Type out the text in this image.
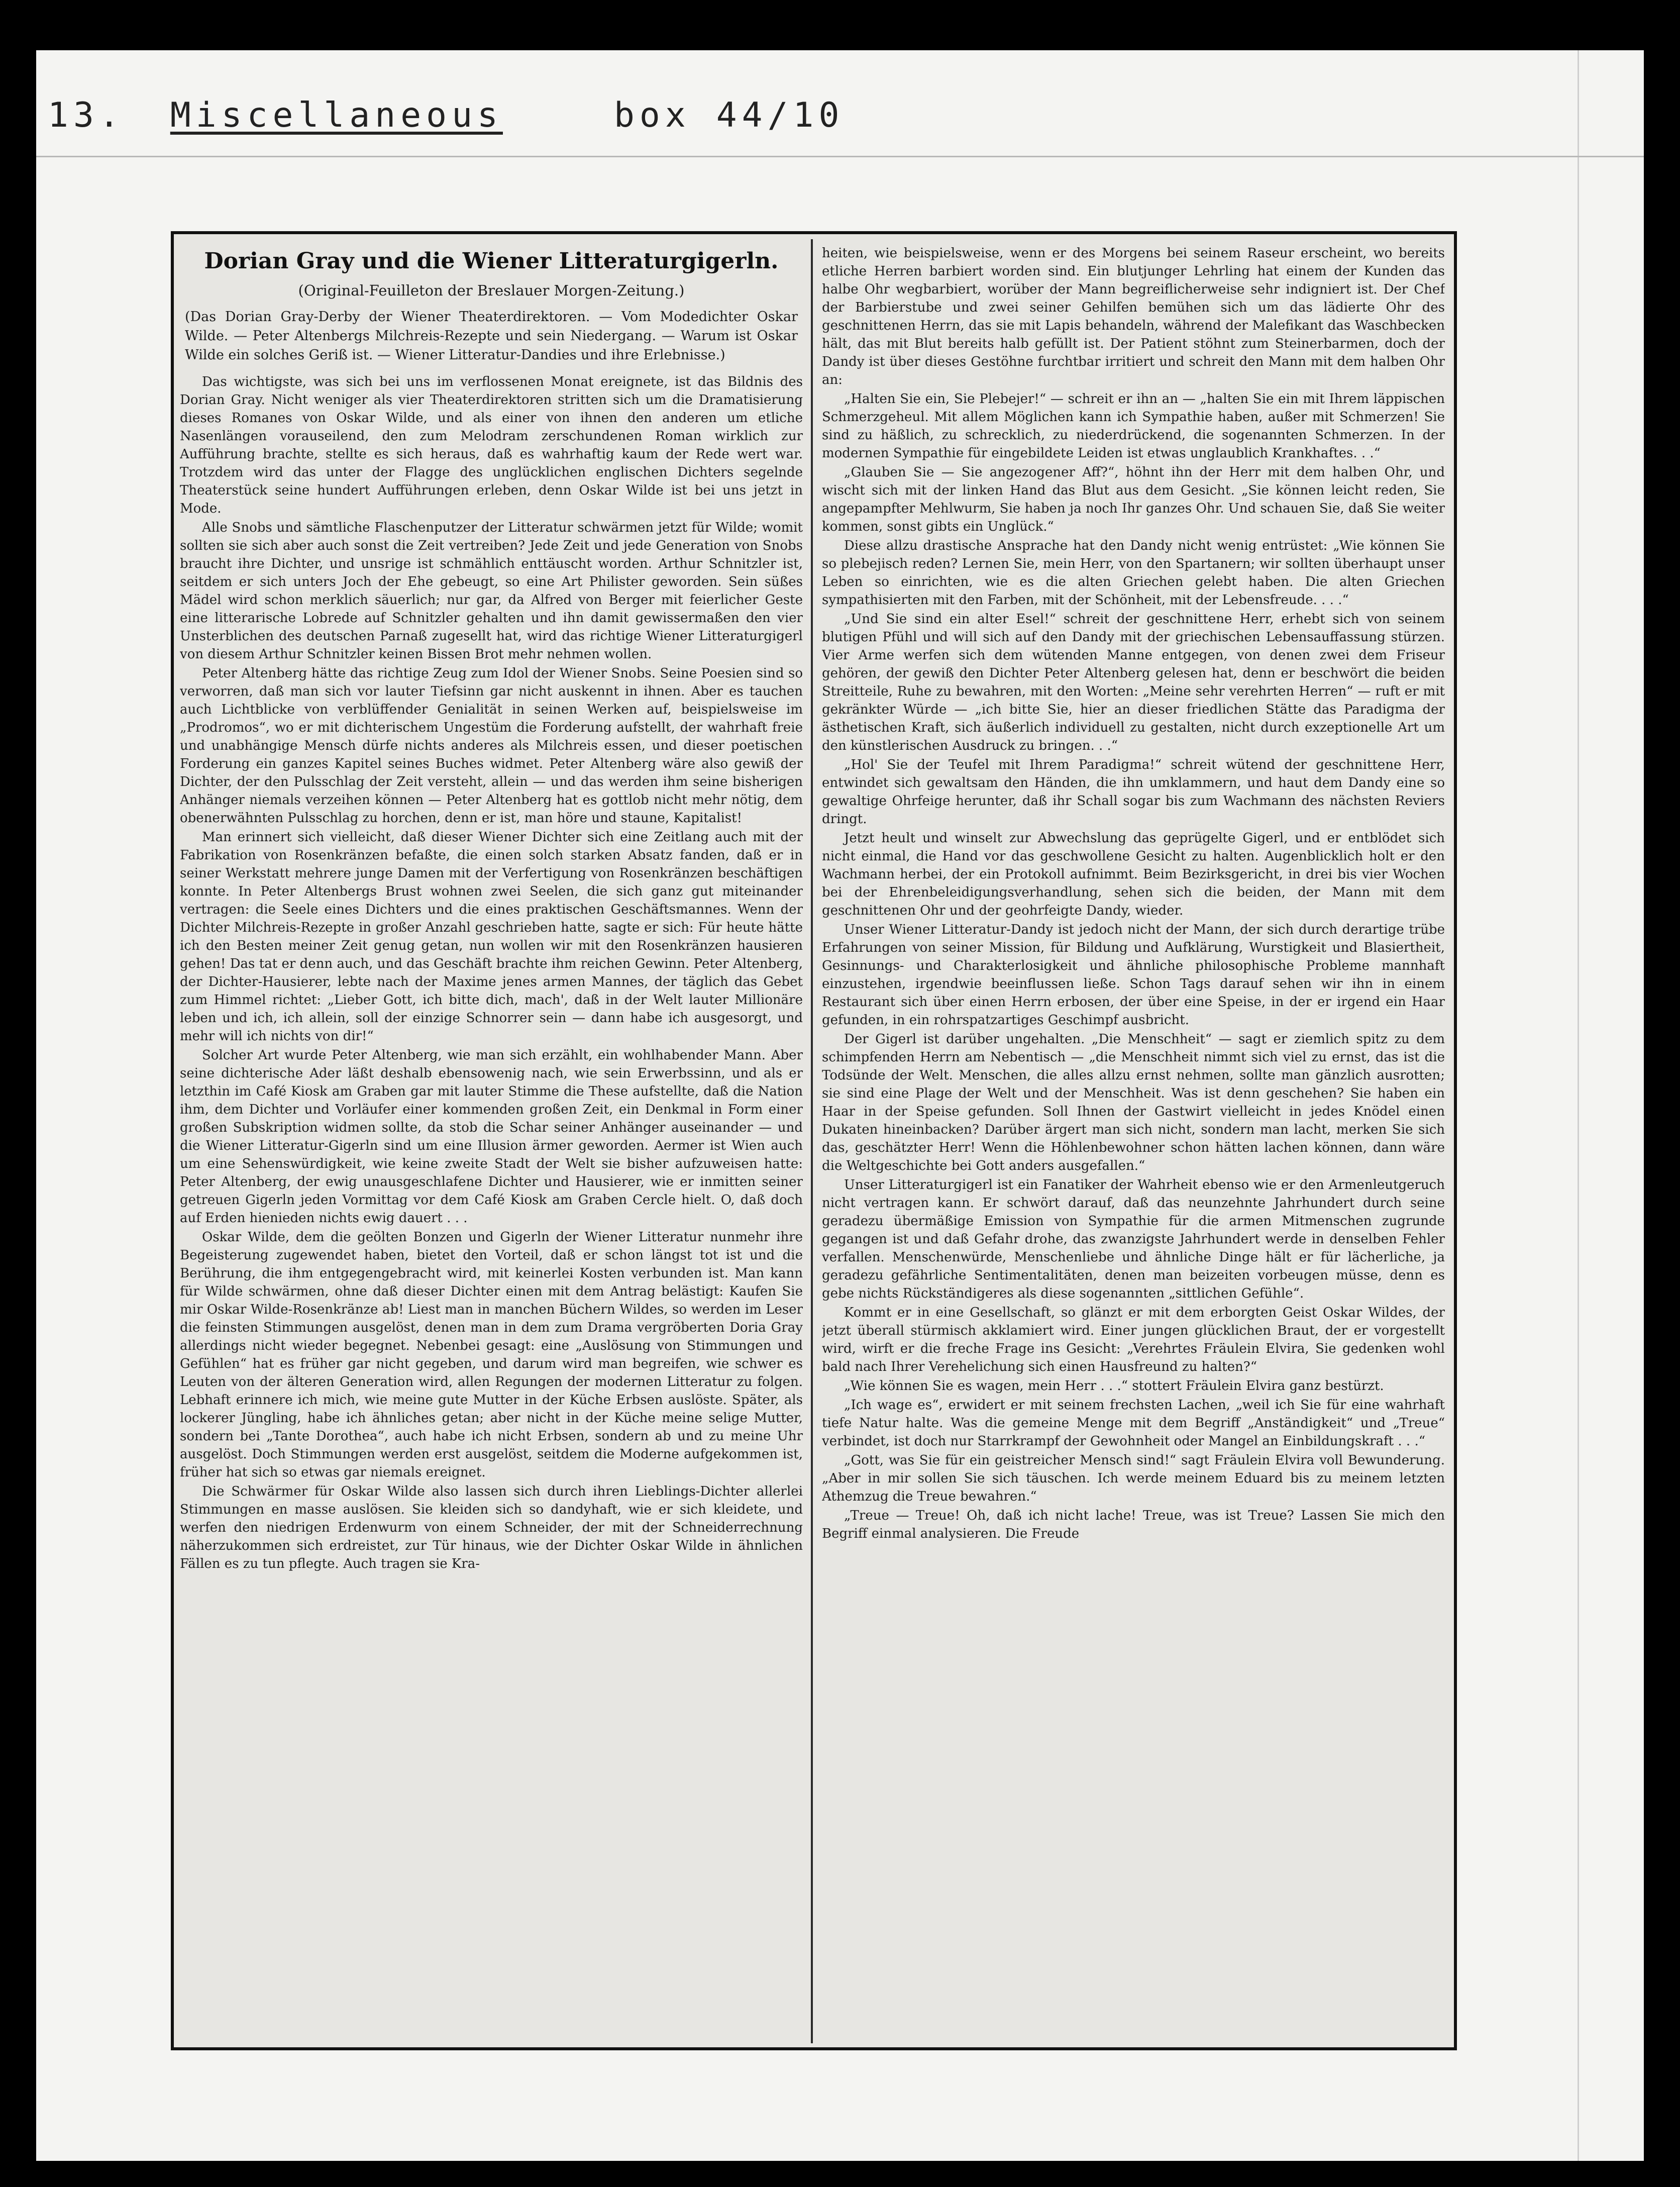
13. Miscellaneous	box 44/10
Dorian Gray und die Wiener Litteraturgigerln.
(Original-Feuilleton der Breslauer Morgen-Zeitung.)
(Das Dorian Gray-Derby der Wiener Theaterdirektoren. — Vom Modedichter Oskar Wilde. — Peter Altenbergs Milchreis-Rezepte und sein Niedergang. — Warum ist Oskar Wilde ein solches Geriß ist. — Wiener Litteratur-Dandies und ihre Erlebnisse.)

Das wichtigste, was sich bei uns im verflossenen Monat ereignete, ist das Bildnis des Dorian Gray. Nicht weniger als vier Theaterdirektoren stritten sich um die Dramatisierung dieses Romanes von Oskar Wilde, und als einer von ihnen den anderen um etliche Nasenlängen vorauseilend, den zum Melodram zerschundenen Roman wirklich zur Aufführung brachte, stellte es sich heraus, daß es wahrhaftig kaum der Rede wert war. Trotzdem wird das unter der Flagge des unglücklichen englischen Dichters segelnde Theaterstück seine hundert Aufführungen erleben, denn Oskar Wilde ist bei uns jetzt in Mode.

Alle Snobs und sämtliche Flaschenputzer der Litteratur schwärmen jetzt für Wilde; womit sollten sie sich aber auch sonst die Zeit vertreiben? Jede Zeit und jede Generation von Snobs braucht ihre Dichter, und unsrige ist schmählich enttäuscht worden. Arthur Schnitzler ist, seitdem er sich unters Joch der Ehe gebeugt, so eine Art Philister geworden. Sein süßes Mädel wird schon merklich säuerlich; nur gar, da Alfred von Berger mit feierlicher Geste eine litterarische Lobrede auf Schnitzler gehalten und ihn damit gewissermaßen den vier Unsterblichen des deutschen Parnaß zugesellt hat, wird das richtige Wiener Litteraturgigerl von diesem Arthur Schnitzler keinen Bissen Brot mehr nehmen wollen.

Peter Altenberg hätte das richtige Zeug zum Idol der Wiener Snobs. Seine Poesien sind so verworren, daß man sich vor lauter Tiefsinn gar nicht auskennt in ihnen. Aber es tauchen auch Lichtblicke von verblüffender Genialität in seinen Werken auf, beispielsweise im „Prodromos“, wo er mit dichterischem Ungestüm die Forderung aufstellt, der wahrhaft freie und unabhängige Mensch dürfe nichts anderes als Milchreis essen, und dieser poetischen Forderung ein ganzes Kapitel seines Buches widmet. Peter Altenberg wäre also gewiß der Dichter, der den Pulsschlag der Zeit versteht, allein — und das werden ihm seine bisherigen Anhänger niemals verzeihen können — Peter Altenberg hat es gottlob nicht mehr nötig, dem obenerwähnten Pulsschlag zu horchen, denn er ist, man höre und staune, Kapitalist!

Man erinnert sich vielleicht, daß dieser Wiener Dichter sich eine Zeitlang auch mit der Fabrikation von Rosenkränzen befaßte, die einen solch starken Absatz fanden, daß er in seiner Werkstatt mehrere junge Damen mit der Verfertigung von Rosenkränzen beschäftigen konnte. In Peter Altenbergs Brust wohnen zwei Seelen, die sich ganz gut miteinander vertragen: die Seele eines Dichters und die eines praktischen Geschäftsmannes. Wenn der Dichter Milchreis-Rezepte in großer Anzahl geschrieben hatte, sagte er sich: Für heute hätte ich den Besten meiner Zeit genug getan, nun wollen wir mit den Rosenkränzen hausieren gehen! Das tat er denn auch, und das Geschäft brachte ihm reichen Gewinn. Peter Altenberg, der Dichter-Hausierer, lebte nach der Maxime jenes armen Mannes, der täglich das Gebet zum Himmel richtet: „Lieber Gott, ich bitte dich, mach', daß in der Welt lauter Millionäre leben und ich, ich allein, soll der einzige Schnorrer sein — dann habe ich ausgesorgt, und mehr will ich nichts von dir!“

Solcher Art wurde Peter Altenberg, wie man sich erzählt, ein wohlhabender Mann. Aber seine dichterische Ader läßt deshalb ebensowenig nach, wie sein Erwerbssinn, und als er letzthin im Café Kiosk am Graben gar mit lauter Stimme die These aufstellte, daß die Nation ihm, dem Dichter und Vorläufer einer kommenden großen Zeit, ein Denkmal in Form einer großen Subskription widmen sollte, da stob die Schar seiner Anhänger auseinander — und die Wiener Litteratur-Gigerln sind um eine Illusion ärmer geworden. Aermer ist Wien auch um eine Sehenswürdigkeit, wie keine zweite Stadt der Welt sie bisher aufzuweisen hatte: Peter Altenberg, der ewig unausgeschlafene Dichter und Hausierer, wie er inmitten seiner getreuen Gigerln jeden Vormittag vor dem Café Kiosk am Graben Cercle hielt. O, daß doch auf Erden hienieden nichts ewig dauert . . .

Oskar Wilde, dem die geölten Bonzen und Gigerln der Wiener Litteratur nunmehr ihre Begeisterung zugewendet haben, bietet den Vorteil, daß er schon längst tot ist und die Berührung, die ihm entgegengebracht wird, mit keinerlei Kosten verbunden ist. Man kann für Wilde schwärmen, ohne daß dieser Dichter einen mit dem Antrag belästigt: Kaufen Sie mir Oskar Wilde-Rosenkränze ab! Liest man in manchen Büchern Wildes, so werden im Leser die feinsten Stimmungen ausgelöst, denen man in dem zum Drama vergröberten Doria Gray allerdings nicht wieder begegnet. Nebenbei gesagt: eine „Auslösung von Stimmungen und Gefühlen“ hat es früher gar nicht gegeben, und darum wird man begreifen, wie schwer es Leuten von der älteren Generation wird, allen Regungen der modernen Litteratur zu folgen. Lebhaft erinnere ich mich, wie meine gute Mutter in der Küche Erbsen auslöste. Später, als lockerer Jüngling, habe ich ähnliches getan; aber nicht in der Küche meine selige Mutter, sondern bei „Tante Dorothea“, auch habe ich nicht Erbsen, sondern ab und zu meine Uhr ausgelöst. Doch Stimmungen werden erst ausgelöst, seitdem die Moderne aufgekommen ist, früher hat sich so etwas gar niemals ereignet.

Die Schwärmer für Oskar Wilde also lassen sich durch ihren Lieblings-Dichter allerlei Stimmungen en masse auslösen. Sie kleiden sich so dandyhaft, wie er sich kleidete, und werfen den niedrigen Erdenwurm von einem Schneider, der mit der Schneiderrechnung näherzukommen sich erdreistet, zur Tür hinaus, wie der Dichter Oskar Wilde in ähnlichen Fällen es zu tun pflegte. Auch tragen sie Kra-

heiten, wie beispielsweise, wenn er des Morgens bei seinem Raseur erscheint, wo bereits etliche Herren barbiert worden sind. Ein blutjunger Lehrling hat einem der Kunden das halbe Ohr wegbarbiert, worüber der Mann begreiflicherweise sehr indigniert ist. Der Chef der Barbierstube und zwei seiner Gehilfen bemühen sich um das lädierte Ohr des geschnittenen Herrn, das sie mit Lapis behandeln, während der Malefikant das Waschbecken hält, das mit Blut bereits halb gefüllt ist. Der Patient stöhnt zum Steinerbarmen, doch der Dandy ist über dieses Gestöhne furchtbar irritiert und schreit den Mann mit dem halben Ohr an:

„Halten Sie ein, Sie Plebejer!“ — schreit er ihn an — „halten Sie ein mit Ihrem läppischen Schmerzgeheul. Mit allem Möglichen kann ich Sympathie haben, außer mit Schmerzen! Sie sind zu häßlich, zu schrecklich, zu niederdrückend, die sogenannten Schmerzen. In der modernen Sympathie für eingebildete Leiden ist etwas unglaublich Krankhaftes. . .“

„Glauben Sie — Sie angezogener Aff?“, höhnt ihn der Herr mit dem halben Ohr, und wischt sich mit der linken Hand das Blut aus dem Gesicht. „Sie können leicht reden, Sie angepampfter Mehlwurm, Sie haben ja noch Ihr ganzes Ohr. Und schauen Sie, daß Sie weiter kommen, sonst gibts ein Unglück.“

Diese allzu drastische Ansprache hat den Dandy nicht wenig entrüstet: „Wie können Sie so plebejisch reden? Lernen Sie, mein Herr, von den Spartanern; wir sollten überhaupt unser Leben so einrichten, wie es die alten Griechen gelebt haben. Die alten Griechen sympathisierten mit den Farben, mit der Schönheit, mit der Lebensfreude. . . .“

„Und Sie sind ein alter Esel!“ schreit der geschnittene Herr, erhebt sich von seinem blutigen Pfühl und will sich auf den Dandy mit der griechischen Lebensauffassung stürzen. Vier Arme werfen sich dem wütenden Manne entgegen, von denen zwei dem Friseur gehören, der gewiß den Dichter Peter Altenberg gelesen hat, denn er beschwört die beiden Streitteile, Ruhe zu bewahren, mit den Worten: „Meine sehr verehrten Herren“ — ruft er mit gekränkter Würde — „ich bitte Sie, hier an dieser friedlichen Stätte das Paradigma der ästhetischen Kraft, sich äußerlich individuell zu gestalten, nicht durch exzeptionelle Art um den künstlerischen Ausdruck zu bringen. . .“

„Hol' Sie der Teufel mit Ihrem Paradigma!“ schreit wütend der geschnittene Herr, entwindet sich gewaltsam den Händen, die ihn umklammern, und haut dem Dandy eine so gewaltige Ohrfeige herunter, daß ihr Schall sogar bis zum Wachmann des nächsten Reviers dringt.

Jetzt heult und winselt zur Abwechslung das geprügelte Gigerl, und er entblödet sich nicht einmal, die Hand vor das geschwollene Gesicht zu halten. Augenblicklich holt er den Wachmann herbei, der ein Protokoll aufnimmt. Beim Bezirksgericht, in drei bis vier Wochen bei der Ehrenbeleidigungsverhandlung, sehen sich die beiden, der Mann mit dem geschnittenen Ohr und der geohrfeigte Dandy, wieder.

Unser Wiener Litteratur-Dandy ist jedoch nicht der Mann, der sich durch derartige trübe Erfahrungen von seiner Mission, für Bildung und Aufklärung, Wurstigkeit und Blasiertheit, Gesinnungs- und Charakterlosigkeit und ähnliche philosophische Probleme mannhaft einzustehen, irgendwie beeinflussen ließe. Schon Tags darauf sehen wir ihn in einem Restaurant sich über einen Herrn erbosen, der über eine Speise, in der er irgend ein Haar gefunden, in ein rohrspatzartiges Geschimpf ausbricht.

Der Gigerl ist darüber ungehalten. „Die Menschheit“ — sagt er ziemlich spitz zu dem schimpfenden Herrn am Nebentisch — „die Menschheit nimmt sich viel zu ernst, das ist die Todsünde der Welt. Menschen, die alles allzu ernst nehmen, sollte man gänzlich ausrotten; sie sind eine Plage der Welt und der Menschheit. Was ist denn geschehen? Sie haben ein Haar in der Speise gefunden. Soll Ihnen der Gastwirt vielleicht in jedes Knödel einen Dukaten hineinbacken? Darüber ärgert man sich nicht, sondern man lacht, merken Sie sich das, geschätzter Herr! Wenn die Höhlenbewohner schon hätten lachen können, dann wäre die Weltgeschichte bei Gott anders ausgefallen.“

Unser Litteraturgigerl ist ein Fanatiker der Wahrheit ebenso wie er den Armenleutgeruch nicht vertragen kann. Er schwört darauf, daß das neunzehnte Jahrhundert durch seine geradezu übermäßige Emission von Sympathie für die armen Mitmenschen zugrunde gegangen ist und daß Gefahr drohe, das zwanzigste Jahrhundert werde in denselben Fehler verfallen. Menschenwürde, Menschenliebe und ähnliche Dinge hält er für lächerliche, ja geradezu gefährliche Sentimentalitäten, denen man beizeiten vorbeugen müsse, denn es gebe nichts Rückständigeres als diese sogenannten „sittlichen Gefühle“.

Kommt er in eine Gesellschaft, so glänzt er mit dem erborgten Geist Oskar Wildes, der jetzt überall stürmisch akklamiert wird. Einer jungen glücklichen Braut, der er vorgestellt wird, wirft er die freche Frage ins Gesicht: „Verehrtes Fräulein Elvira, Sie gedenken wohl bald nach Ihrer Verehelichung sich einen Hausfreund zu halten?“

„Wie können Sie es wagen, mein Herr . . .“ stottert Fräulein Elvira ganz bestürzt.

„Ich wage es“, erwidert er mit seinem frechsten Lachen, „weil ich Sie für eine wahrhaft tiefe Natur halte. Was die gemeine Menge mit dem Begriff „Anständigkeit“ und „Treue“ verbindet, ist doch nur Starrkrampf der Gewohnheit oder Mangel an Einbildungskraft . . .“

„Gott, was Sie für ein geistreicher Mensch sind!“ sagt Fräulein Elvira voll Bewunderung. „Aber in mir sollen Sie sich täuschen. Ich werde meinem Eduard bis zu meinem letzten Athemzug die Treue bewahren.“

„Treue — Treue! Oh, daß ich nicht lache! Treue, was ist Treue? Lassen Sie mich den Begriff einmal analysieren. Die Freude
